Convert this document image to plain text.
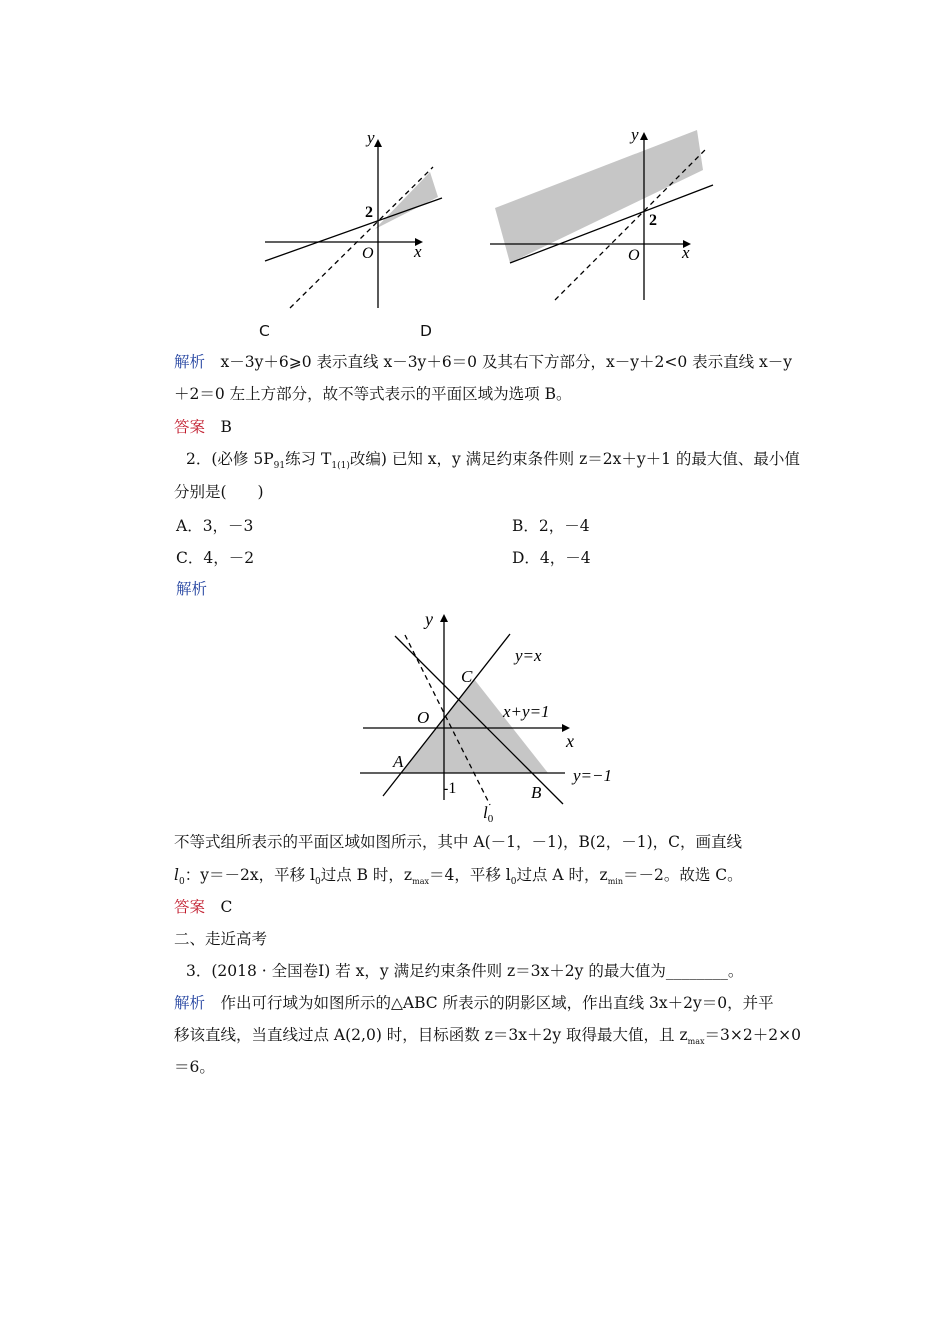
y
x
O
2
y
x
O
2
C	D
解析　 x－3y＋6⩾0 表示直线 x－3y＋6＝0 及其右下方部分，x－y＋2<0 表示直线 x－y
＋2＝0 左上方部分，故不等式表示的平面区域为选项 B。
答案　 B
2．(必修 $5P_{91}$练习 $T_{1(1)}$改编) 已知 x，y 满足约束条件则 z＝2x＋y＋1 的最大值、最小值
分别是(　　)
A．3，－3	B．2，－4
C．4，－2	D．4，－4
解析
y
x
O
C
A
B
y=x
x+y=1
y=−1
-1
$l_0$
不等式组所表示的平面区域如图所示，其中 A(－1，－1)，B(2，－1)，C，画直线
$l_0$：y＝－2x，平移 $l_0$过点 B 时，$z_{max}=4$，平移 $l_0$过点 A 时，$z_{min}=-2$。故选 C。
答案　 C
二、走近高考
3．(2018 · 全国卷Ⅰ) 若 x，y 满足约束条件则 z＝3x＋2y 的最大值为________。
解析　作出可行域为如图所示的△ABC 所表示的阴影区域，作出直线 3x＋2y＝0，并平
移该直线，当直线过点 A(2,0) 时，目标函数 z＝3x＋2y 取得最大值，且 $z_{max}=3\times 2+2\times 0$
＝6。
